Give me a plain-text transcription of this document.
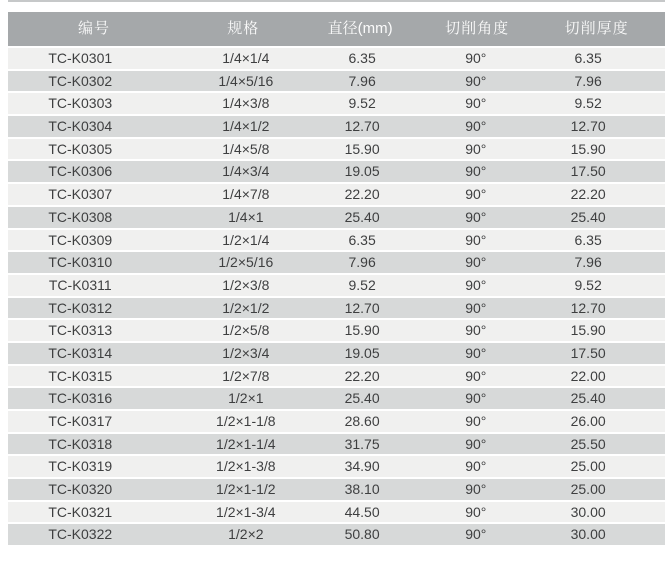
编号	规格	直径(mm)	切削角度	切削厚度
TC-K0301	1/4×1/4	6.35	90°	6.35
TC-K0302	1/4×5/16	7.96	90°	7.96
TC-K0303	1/4×3/8	9.52	90°	9.52
TC-K0304	1/4×1/2	12.70	90°	12.70
TC-K0305	1/4×5/8	15.90	90°	15.90
TC-K0306	1/4×3/4	19.05	90°	17.50
TC-K0307	1/4×7/8	22.20	90°	22.20
TC-K0308	1/4×1	25.40	90°	25.40
TC-K0309	1/2×1/4	6.35	90°	6.35
TC-K0310	1/2×5/16	7.96	90°	7.96
TC-K0311	1/2×3/8	9.52	90°	9.52
TC-K0312	1/2×1/2	12.70	90°	12.70
TC-K0313	1/2×5/8	15.90	90°	15.90
TC-K0314	1/2×3/4	19.05	90°	17.50
TC-K0315	1/2×7/8	22.20	90°	22.00
TC-K0316	1/2×1	25.40	90°	25.40
TC-K0317	1/2×1-1/8	28.60	90°	26.00
TC-K0318	1/2×1-1/4	31.75	90°	25.50
TC-K0319	1/2×1-3/8	34.90	90°	25.00
TC-K0320	1/2×1-1/2	38.10	90°	25.00
TC-K0321	1/2×1-3/4	44.50	90°	30.00
TC-K0322	1/2×2	50.80	90°	30.00
